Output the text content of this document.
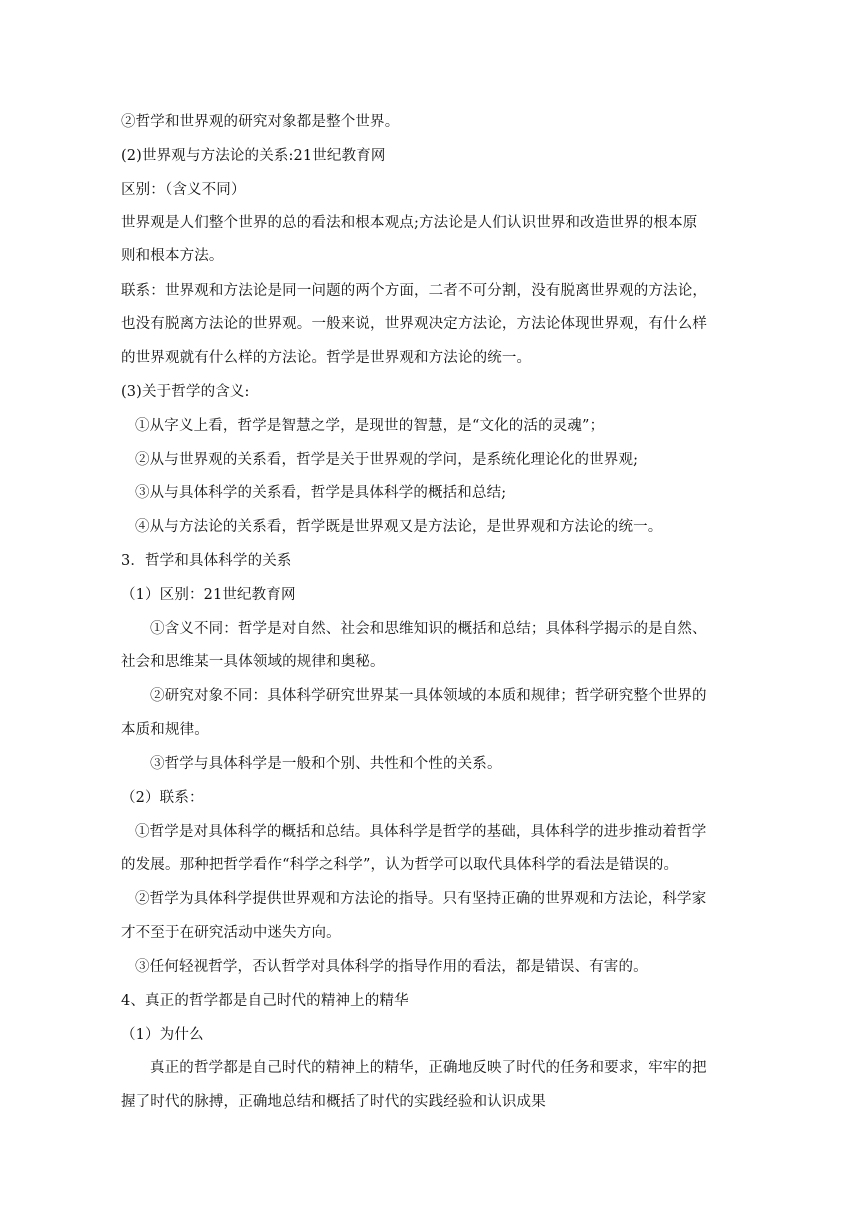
②哲学和世界观的研究对象都是整个世界。
(2)世界观与方法论的关系:21世纪教育网
区别：（含义不同）
世界观是人们整个世界的总的看法和根本观点;方法论是人们认识世界和改造世界的根本原
则和根本方法。
联系：世界观和方法论是同一问题的两个方面，二者不可分割，没有脱离世界观的方法论，
也没有脱离方法论的世界观。一般来说，世界观决定方法论，方法论体现世界观，有什么样
的世界观就有什么样的方法论。哲学是世界观和方法论的统一。
(3)关于哲学的含义:
①从字义上看，哲学是智慧之学，是现世的智慧，是“文化的活的灵魂”；
②从与世界观的关系看，哲学是关于世界观的学问，是系统化理论化的世界观;
③从与具体科学的关系看，哲学是具体科学的概括和总结;
④从与方法论的关系看，哲学既是世界观又是方法论，是世界观和方法论的统一。
3．哲学和具体科学的关系
（1）区别：21世纪教育网
①含义不同：哲学是对自然、社会和思维知识的概括和总结；具体科学揭示的是自然、
社会和思维某一具体领域的规律和奥秘。
②研究对象不同：具体科学研究世界某一具体领域的本质和规律；哲学研究整个世界的
本质和规律。
③哲学与具体科学是一般和个别、共性和个性的关系。
（2）联系：
①哲学是对具体科学的概括和总结。具体科学是哲学的基础，具体科学的进步推动着哲学
的发展。那种把哲学看作“科学之科学”，认为哲学可以取代具体科学的看法是错误的。
②哲学为具体科学提供世界观和方法论的指导。只有坚持正确的世界观和方法论，科学家
才不至于在研究活动中迷失方向。
③任何轻视哲学，否认哲学对具体科学的指导作用的看法，都是错误、有害的。
4、真正的哲学都是自己时代的精神上的精华
（1）为什么
真正的哲学都是自己时代的精神上的精华，正确地反映了时代的任务和要求，牢牢的把
握了时代的脉搏，正确地总结和概括了时代的实践经验和认识成果
